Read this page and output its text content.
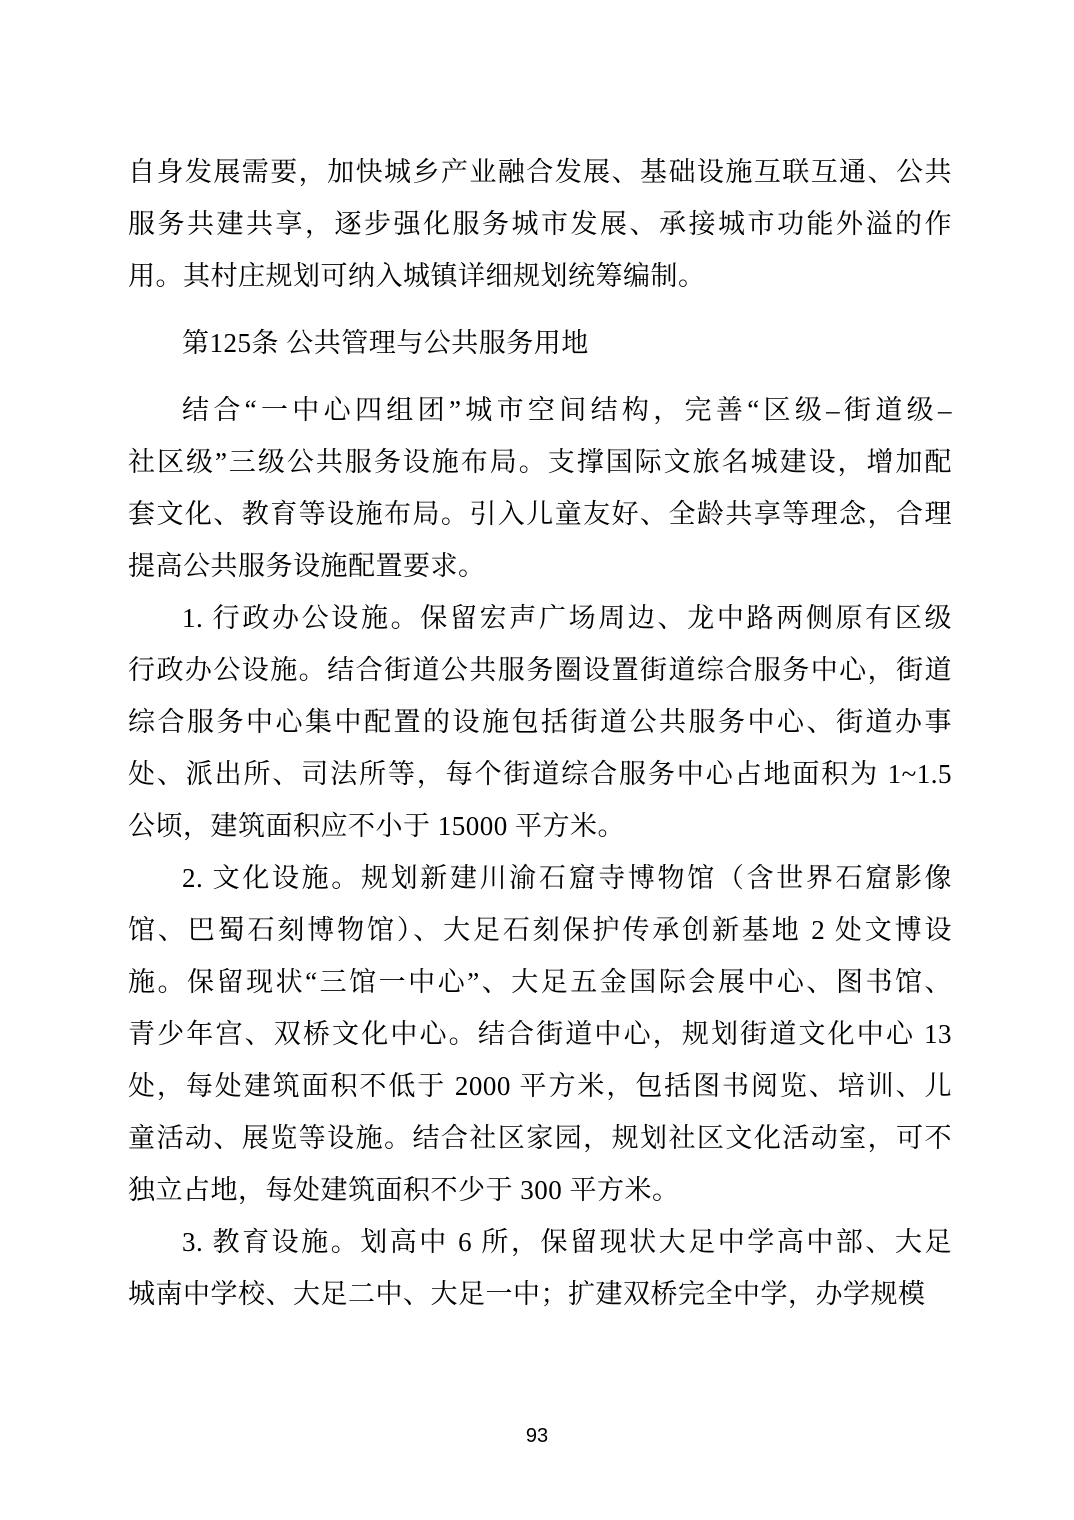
自身发展需要，加快城乡产业融合发展、基础设施互联互通、公共
服务共建共享，逐步强化服务城市发展、承接城市功能外溢的作
用。其村庄规划可纳入城镇详细规划统筹编制。
第125条 公共管理与公共服务用地
结合“一中心四组团”城市空间结构，完善“区级–街道级–
社区级”三级公共服务设施布局。支撑国际文旅名城建设，增加配
套文化、教育等设施布局。引入儿童友好、全龄共享等理念，合理
提高公共服务设施配置要求。
1. 行政办公设施。保留宏声广场周边、龙中路两侧原有区级
行政办公设施。结合街道公共服务圈设置街道综合服务中心，街道
综合服务中心集中配置的设施包括街道公共服务中心、街道办事
处、派出所、司法所等，每个街道综合服务中心占地面积为 1~1.5
公顷，建筑面积应不小于 15000 平方米。
2. 文化设施。规划新建川渝石窟寺博物馆（含世界石窟影像
馆、巴蜀石刻博物馆）、大足石刻保护传承创新基地 2 处文博设
施。保留现状“三馆一中心”、大足五金国际会展中心、图书馆、
青少年宫、双桥文化中心。结合街道中心，规划街道文化中心 13
处，每处建筑面积不低于 2000 平方米，包括图书阅览、培训、儿
童活动、展览等设施。结合社区家园，规划社区文化活动室，可不
独立占地，每处建筑面积不少于 300 平方米。
3. 教育设施。划高中 6 所，保留现状大足中学高中部、大足
城南中学校、大足二中、大足一中；扩建双桥完全中学，办学规模
93
